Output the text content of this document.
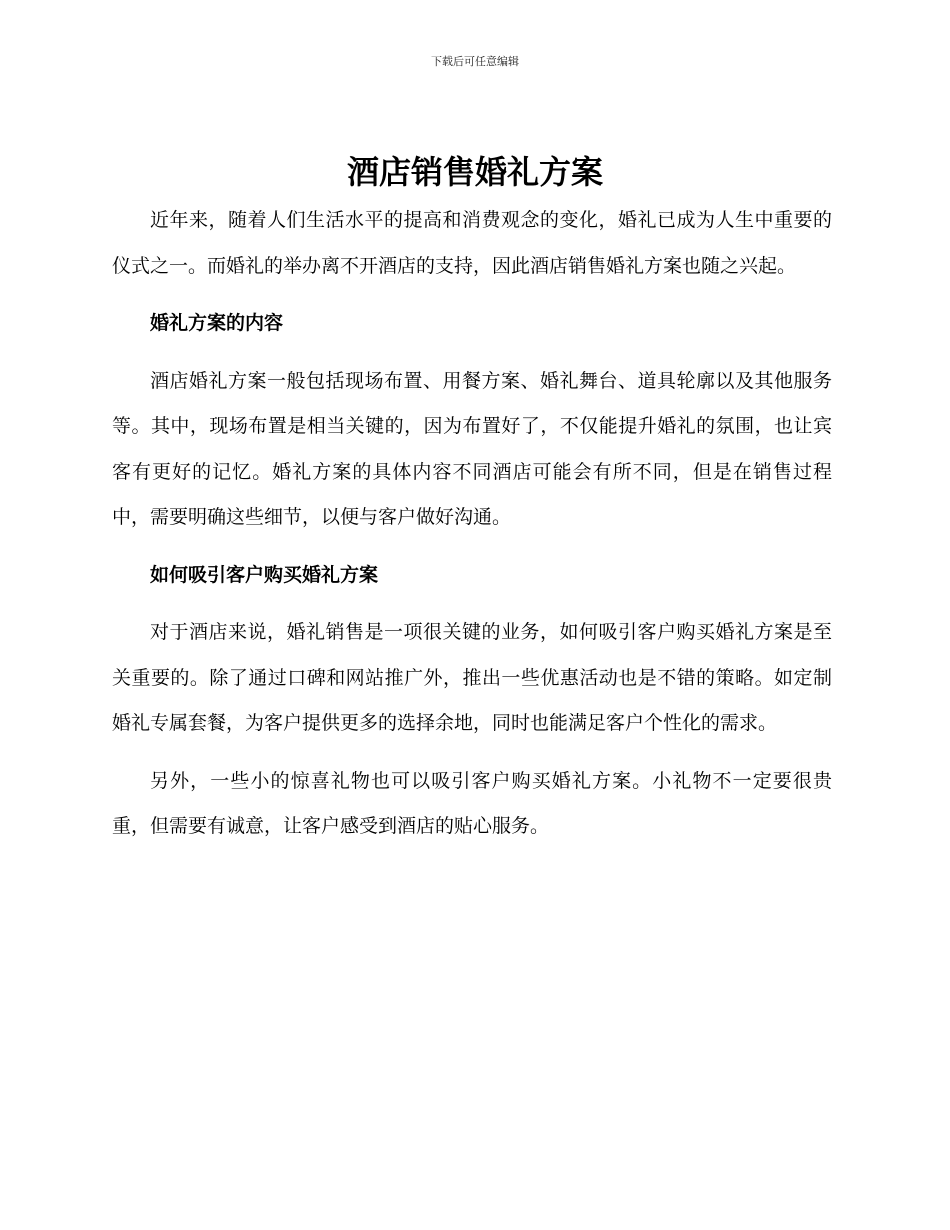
下载后可任意编辑
酒店销售婚礼方案

近年来，随着人们生活水平的提高和消费观念的变化，婚礼已成为人生中重要的仪式之一。而婚礼的举办离不开酒店的支持，因此酒店销售婚礼方案也随之兴起。

婚礼方案的内容

酒店婚礼方案一般包括现场布置、用餐方案、婚礼舞台、道具轮廓以及其他服务等。其中，现场布置是相当关键的，因为布置好了，不仅能提升婚礼的氛围，也让宾客有更好的记忆。婚礼方案的具体内容不同酒店可能会有所不同，但是在销售过程中，需要明确这些细节，以便与客户做好沟通。

如何吸引客户购买婚礼方案

对于酒店来说，婚礼销售是一项很关键的业务，如何吸引客户购买婚礼方案是至关重要的。除了通过口碑和网站推广外，推出一些优惠活动也是不错的策略。如定制婚礼专属套餐，为客户提供更多的选择余地，同时也能满足客户个性化的需求。

另外，一些小的惊喜礼物也可以吸引客户购买婚礼方案。小礼物不一定要很贵重，但需要有诚意，让客户感受到酒店的贴心服务。
